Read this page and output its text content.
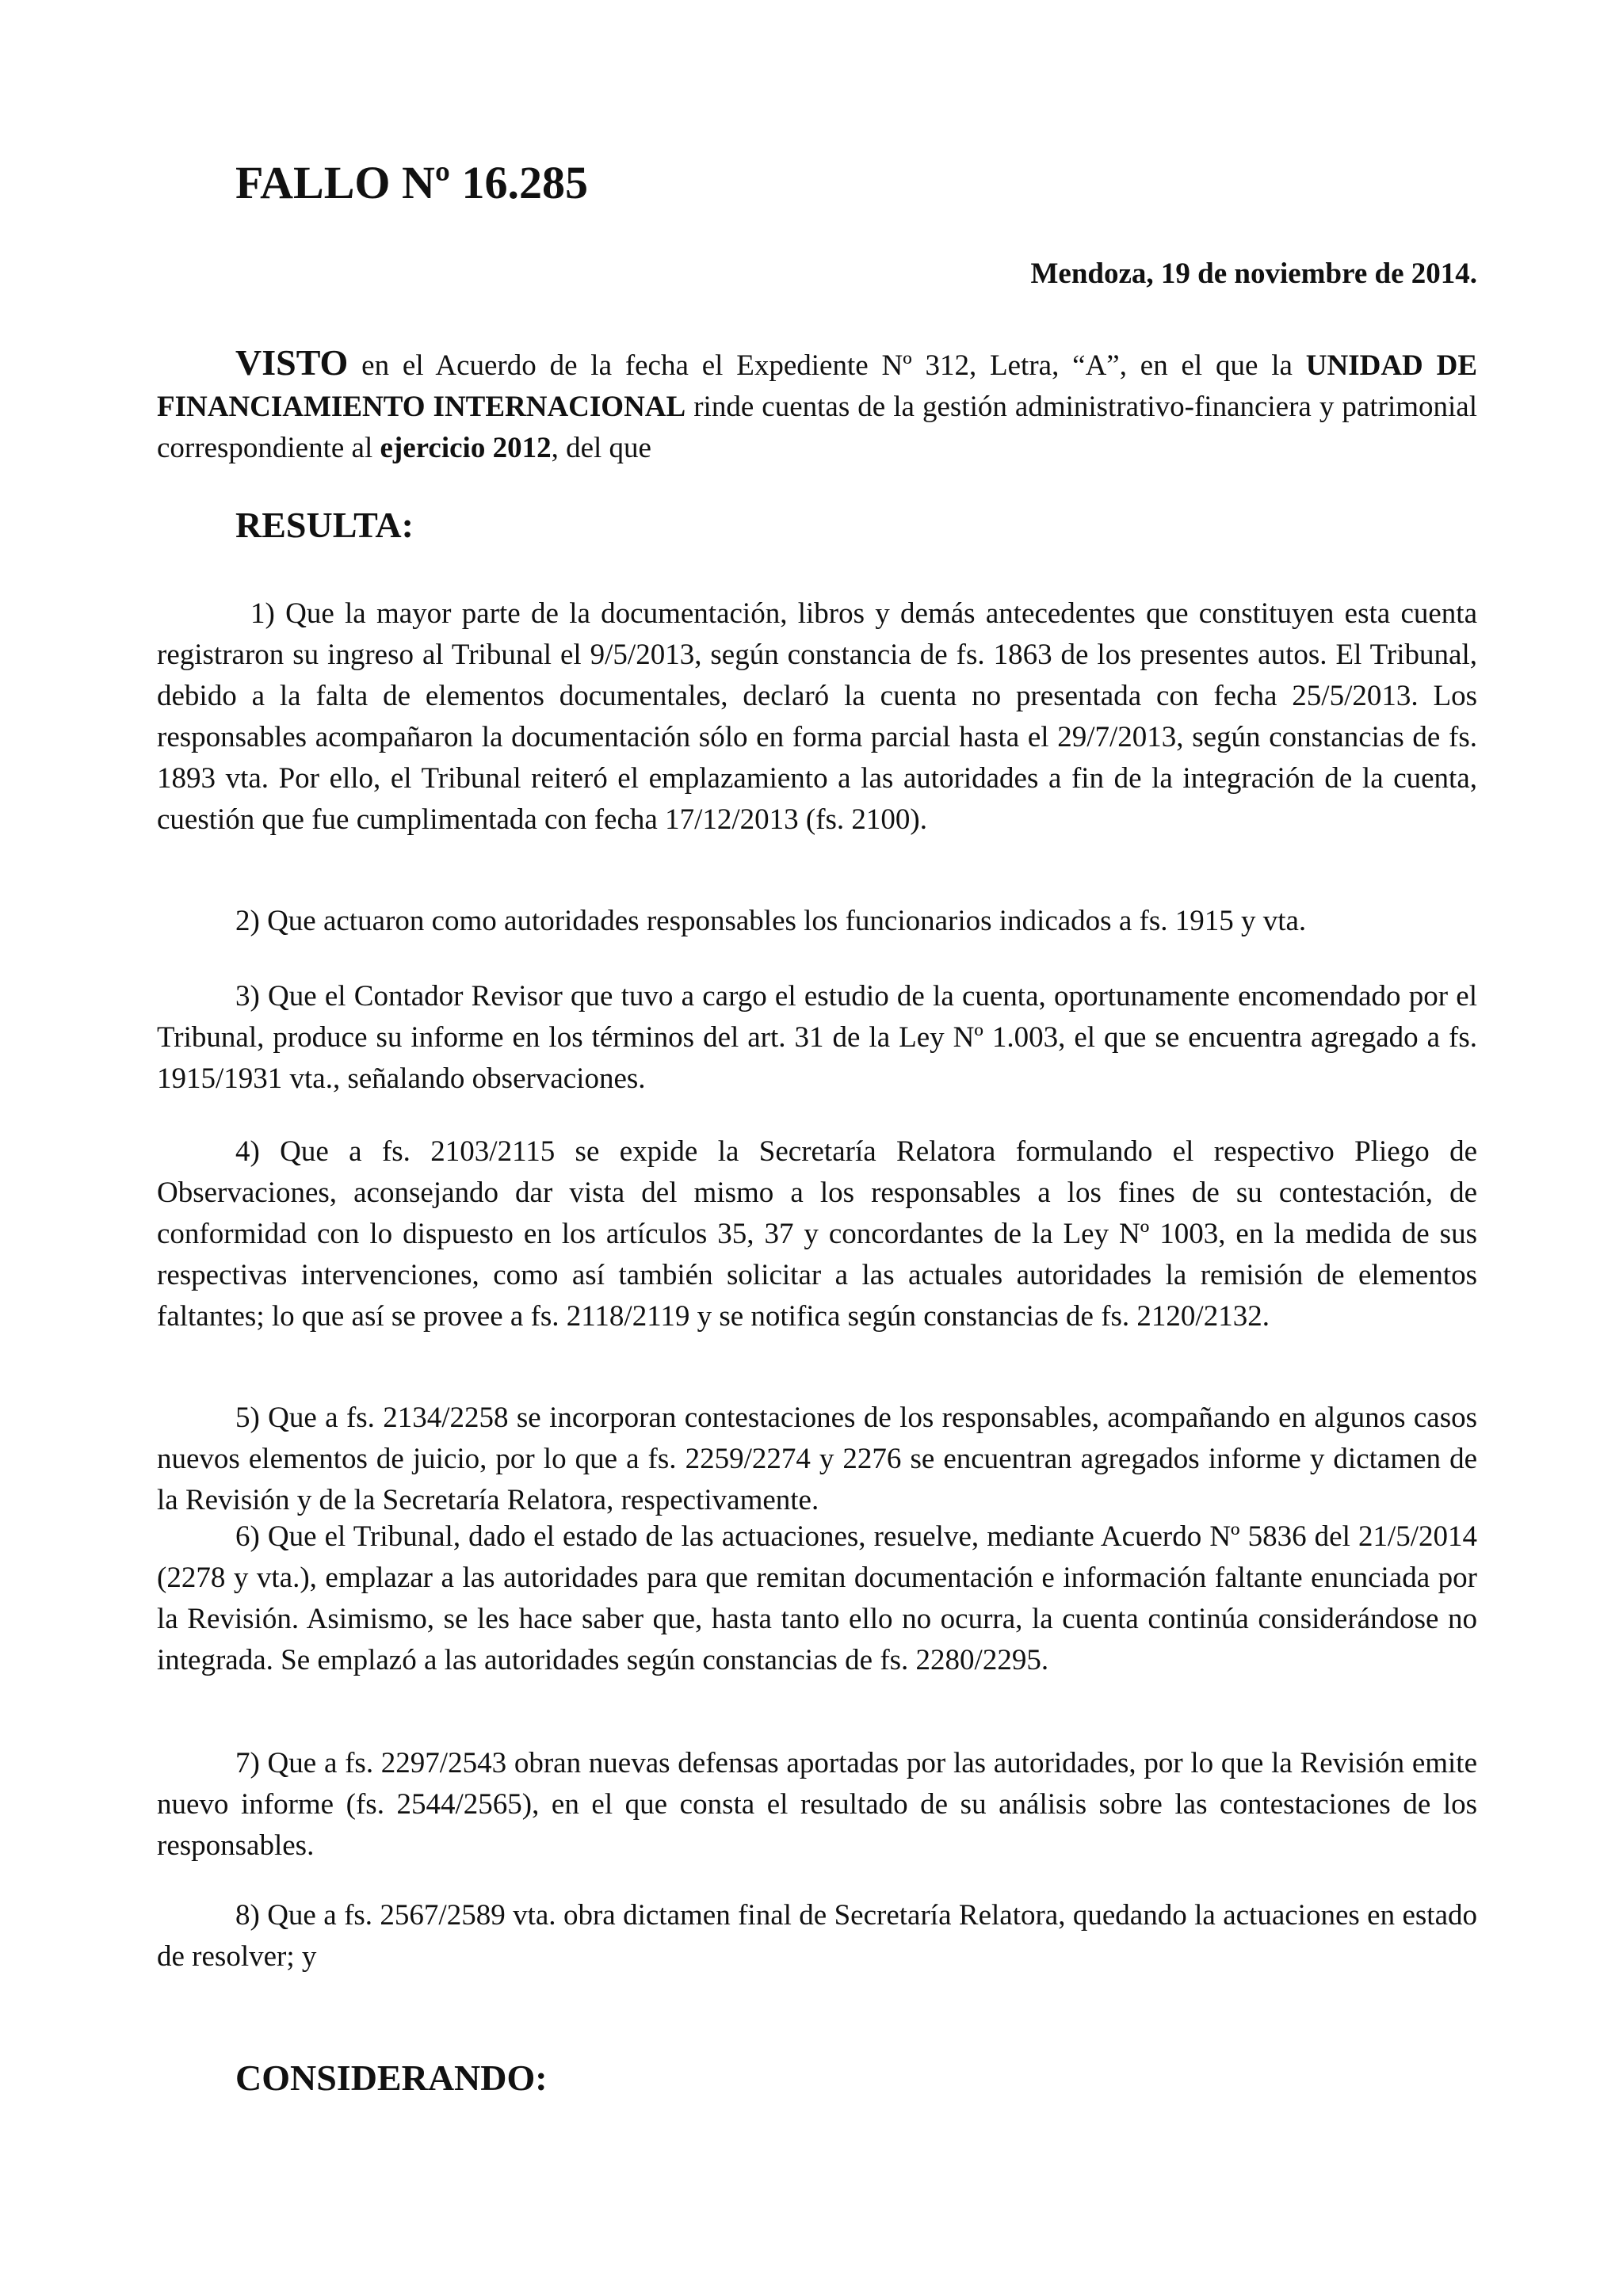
FALLO Nº 16.285
Mendoza, 19 de noviembre de 2014.

VISTO en el Acuerdo de la fecha el Expediente Nº 312, Letra, “A”, en el que la UNIDAD DE FINANCIAMIENTO INTERNACIONAL rinde cuentas de la gestión administrativo-financiera y patrimonial correspondiente al ejercicio 2012, del que

RESULTA:

1) Que la mayor parte de la documentación, libros y demás antecedentes que constituyen esta cuenta registraron su ingreso al Tribunal el 9/5/2013, según constancia de fs. 1863 de los presentes autos. El Tribunal, debido a la falta de elementos documentales, declaró la cuenta no presentada con fecha 25/5/2013. Los responsables acompañaron la documentación sólo en forma parcial hasta el 29/7/2013, según constancias de fs. 1893 vta. Por ello, el Tribunal reiteró el emplazamiento a las autoridades a fin de la integración de la cuenta, cuestión que fue cumplimentada con fecha 17/12/2013 (fs. 2100).

2) Que actuaron como autoridades responsables los funcionarios indicados a fs. 1915 y vta.

3) Que el Contador Revisor que tuvo a cargo el estudio de la cuenta, oportunamente encomendado por el Tribunal, produce su informe en los términos del art. 31 de la Ley Nº 1.003, el que se encuentra agregado a fs. 1915/1931 vta., señalando observaciones.

4) Que a fs. 2103/2115 se expide la Secretaría Relatora formulando el respectivo Pliego de Observaciones, aconsejando dar vista del mismo a los responsables a los fines de su contestación, de conformidad con lo dispuesto en los artículos 35, 37 y concordantes de la Ley Nº 1003, en la medida de sus respectivas intervenciones, como así también solicitar a las actuales autoridades la remisión de elementos faltantes; lo que así se provee a fs. 2118/2119 y se notifica según constancias de fs. 2120/2132.

5) Que a fs. 2134/2258 se incorporan contestaciones de los responsables, acompañando en algunos casos nuevos elementos de juicio, por lo que a fs. 2259/2274 y 2276 se encuentran agregados informe y dictamen de la Revisión y de la Secretaría Relatora, respectivamente.

6) Que el Tribunal, dado el estado de las actuaciones, resuelve, mediante Acuerdo Nº 5836 del 21/5/2014 (2278 y vta.), emplazar a las autoridades para que remitan documentación e información faltante enunciada por la Revisión. Asimismo, se les hace saber que, hasta tanto ello no ocurra, la cuenta continúa considerándose no integrada. Se emplazó a las autoridades según constancias de fs. 2280/2295.

7) Que a fs. 2297/2543 obran nuevas defensas aportadas por las autoridades, por lo que la Revisión emite nuevo informe (fs. 2544/2565), en el que consta el resultado de su análisis sobre las contestaciones de los responsables.

8) Que a fs. 2567/2589 vta. obra dictamen final de Secretaría Relatora, quedando la actuaciones en estado de resolver; y

CONSIDERANDO:
